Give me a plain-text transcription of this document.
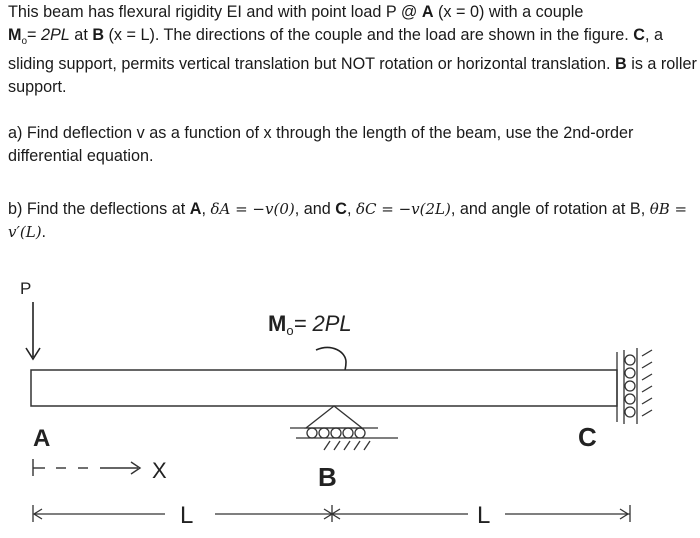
This beam has flexural rigidity EI and with point load P @ A (x = 0) with a couple
$M_o= 2PL$ at B (x = L). The directions of the couple and the load are shown in the figure. C, a sliding support, permits vertical translation but NOT rotation or horizontal translation. B is a roller support.
a) Find deflection v as a function of x through the length of the beam, use the 2nd-order differential equation.
b) Find the deflections at A, δA = −v(0), and C, δC = −v(2L), and angle of rotation at B, θB = v′(L).
P
Mo= 2PL
A
B
C
X
L	L
